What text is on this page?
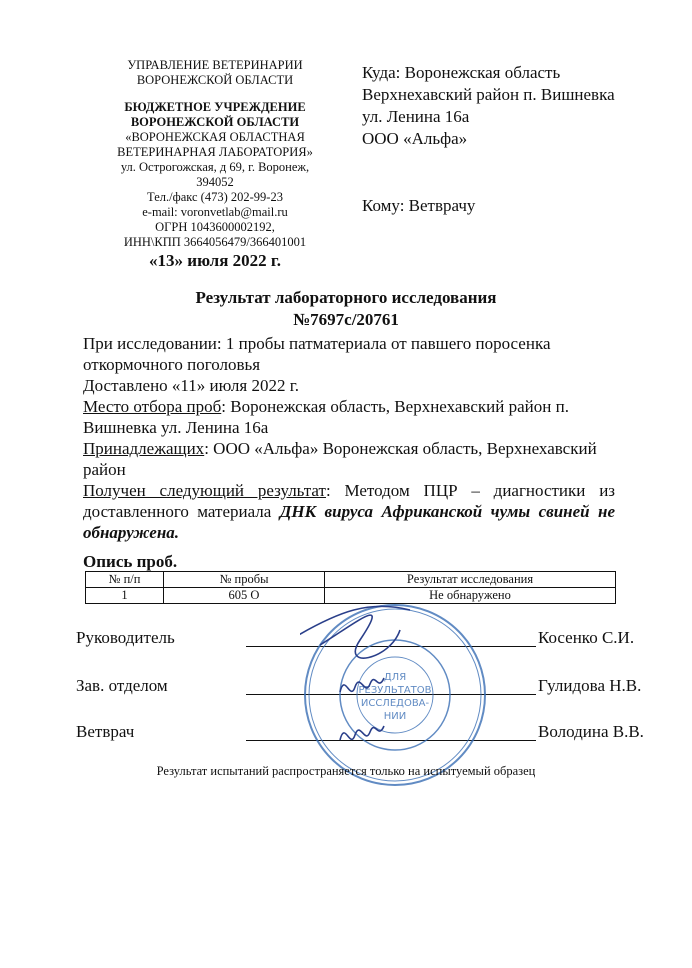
УПРАВЛЕНИЕ ВЕТЕРИНАРИИ
ВОРОНЕЖСКОЙ ОБЛАСТИ
БЮДЖЕТНОЕ УЧРЕЖДЕНИЕ
ВОРОНЕЖСКОЙ ОБЛАСТИ
«ВОРОНЕЖСКАЯ ОБЛАСТНАЯ
ВЕТЕРИНАРНАЯ ЛАБОРАТОРИЯ»
ул. Острогожская, д 69, г. Воронеж,
394052
Тел./факс (473) 202-99-23
e-mail: voronvetlab@mail.ru
ОГРН 1043600002192,
ИНН\КПП 3664056479/366401001
«13» июля 2022 г.
Куда: Воронежская область
Верхнехавский район п. Вишневка
ул. Ленина 16а
ООО «Альфа»
Кому: Ветврачу
Результат лабораторного исследования
№7697с/20761

При исследовании: 1 пробы патматериала от павшего поросенка откормочного поголовья

Доставлено «11» июля 2022 г.

Место отбора проб: Воронежская область, Верхнехавский район п. Вишневка ул. Ленина 16а

Принадлежащих: ООО «Альфа» Воронежская область, Верхнехавский район

Получен следующий результат: Методом ПЦР – диагностики из доставленного материала ДНК вируса Африканской чумы свиней не обнаружена.

Опись проб.
№ п/п	№ пробы	Результат исследования
1	605 О	Не обнаружено
Руководитель	Косенко С.И.
Зав. отделом	Гулидова Н.В.
Ветврач	Володина В.В.
ДЛЯ
РЕЗУЛЬТАТОВ
ИССЛЕДОВА-
НИИ
Результат испытаний распространяется только на испытуемый образец
